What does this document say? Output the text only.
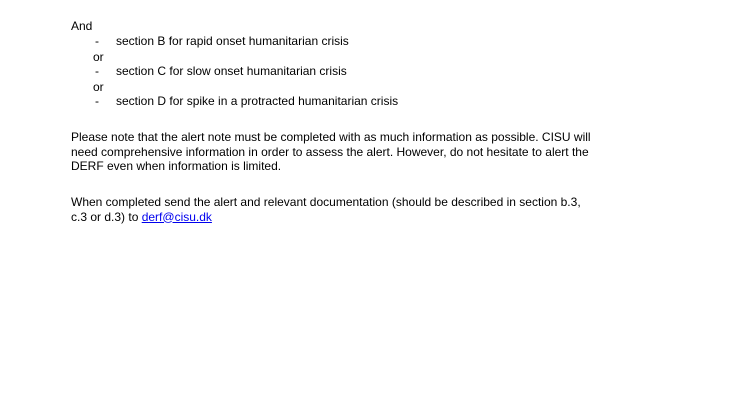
And
- section B for rapid onset humanitarian crisis
or
- section C for slow onset humanitarian crisis
or
- section D for spike in a protracted humanitarian crisis
Please note that the alert note must be completed with as much information as possible. CISU will
need comprehensive information in order to assess the alert. However, do not hesitate to alert the
DERF even when information is limited.
When completed send the alert and relevant documentation (should be described in section b.3,
c.3 or d.3) to derf@cisu.dk
